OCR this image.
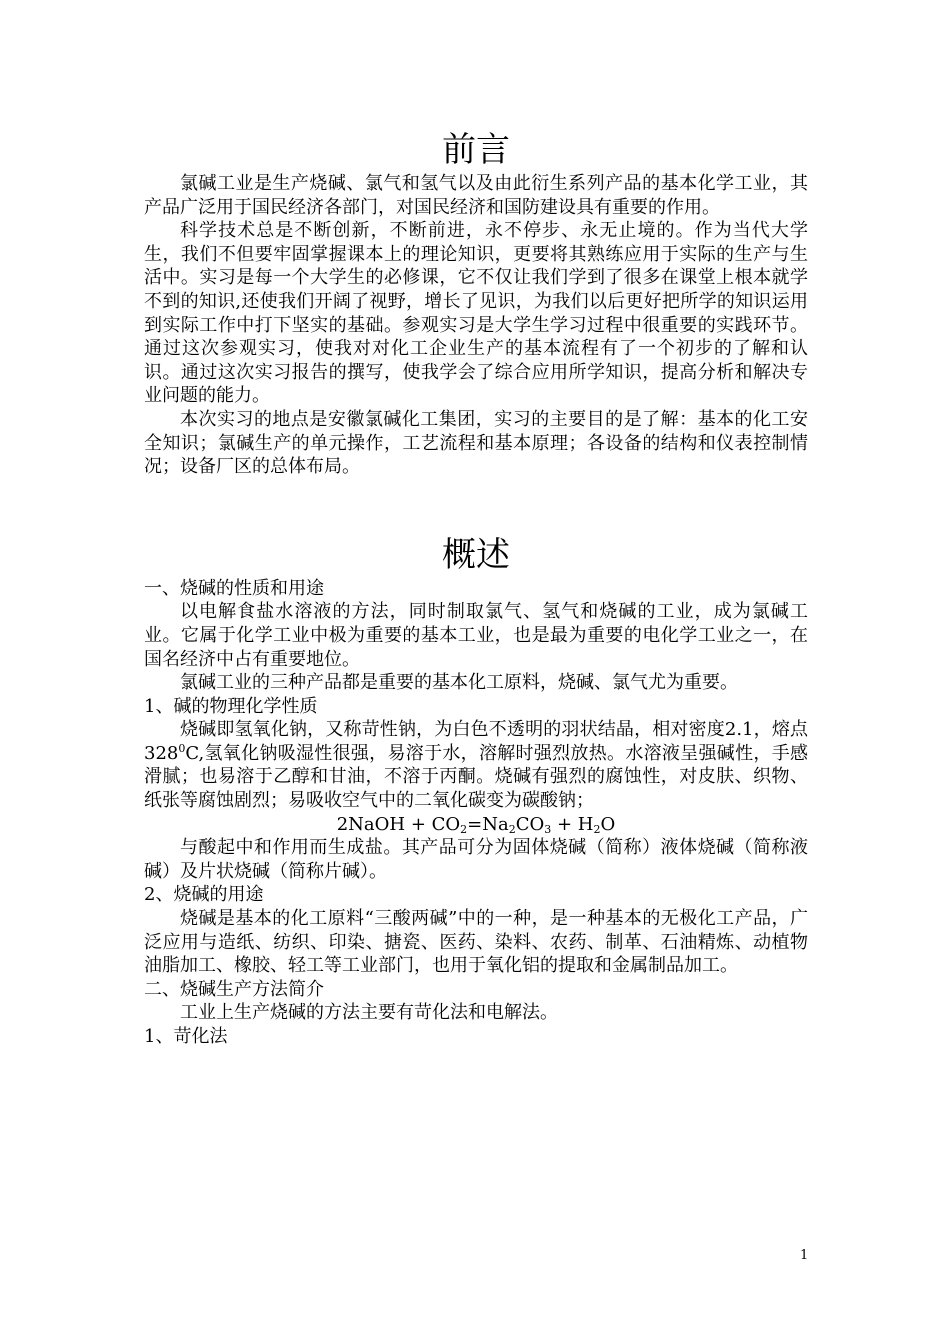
前言

氯碱工业是生产烧碱、氯气和氢气以及由此衍生系列产品的基本化学工业，其产品广泛用于国民经济各部门，对国民经济和国防建设具有重要的作用。

科学技术总是不断创新，不断前进，永不停步、永无止境的。作为当代大学生，我们不但要牢固掌握课本上的理论知识，更要将其熟练应用于实际的生产与生活中。实习是每一个大学生的必修课，它不仅让我们学到了很多在课堂上根本就学不到的知识,还使我们开阔了视野，增长了见识，为我们以后更好把所学的知识运用到实际工作中打下坚实的基础。参观实习是大学生学习过程中很重要的实践环节。通过这次参观实习，使我对对化工企业生产的基本流程有了一个初步的了解和认识。通过这次实习报告的撰写，使我学会了综合应用所学知识，提高分析和解决专业问题的能力。

本次实习的地点是安徽氯碱化工集团，实习的主要目的是了解：基本的化工安全知识；氯碱生产的单元操作，工艺流程和基本原理；各设备的结构和仪表控制情况；设备厂区的总体布局。

概述

一、烧碱的性质和用途

以电解食盐水溶液的方法，同时制取氯气、氢气和烧碱的工业，成为氯碱工业。它属于化学工业中极为重要的基本工业，也是最为重要的电化学工业之一，在国名经济中占有重要地位。

氯碱工业的三种产品都是重要的基本化工原料，烧碱、氯气尤为重要。

1、碱的物理化学性质

烧碱即氢氧化钠，又称苛性钠，为白色不透明的羽状结晶，相对密度2.1，熔点$328^0C$,氢氧化钠吸湿性很强，易溶于水，溶解时强烈放热。水溶液呈强碱性，手感滑腻；也易溶于乙醇和甘油，不溶于丙酮。烧碱有强烈的腐蚀性，对皮肤、织物、纸张等腐蚀剧烈；易吸收空气中的二氧化碳变为碳酸钠；

2NaOH + $CO_2=Na_2CO_3 + H_2O$

与酸起中和作用而生成盐。其产品可分为固体烧碱（简称）液体烧碱（简称液碱）及片状烧碱（简称片碱）。

2、烧碱的用途

烧碱是基本的化工原料“三酸两碱”中的一种，是一种基本的无极化工产品，广泛应用与造纸、纺织、印染、搪瓷、医药、染料、农药、制革、石油精炼、动植物油脂加工、橡胶、轻工等工业部门，也用于氧化铝的提取和金属制品加工。

二、烧碱生产方法简介

工业上生产烧碱的方法主要有苛化法和电解法。

1、苛化法

1
